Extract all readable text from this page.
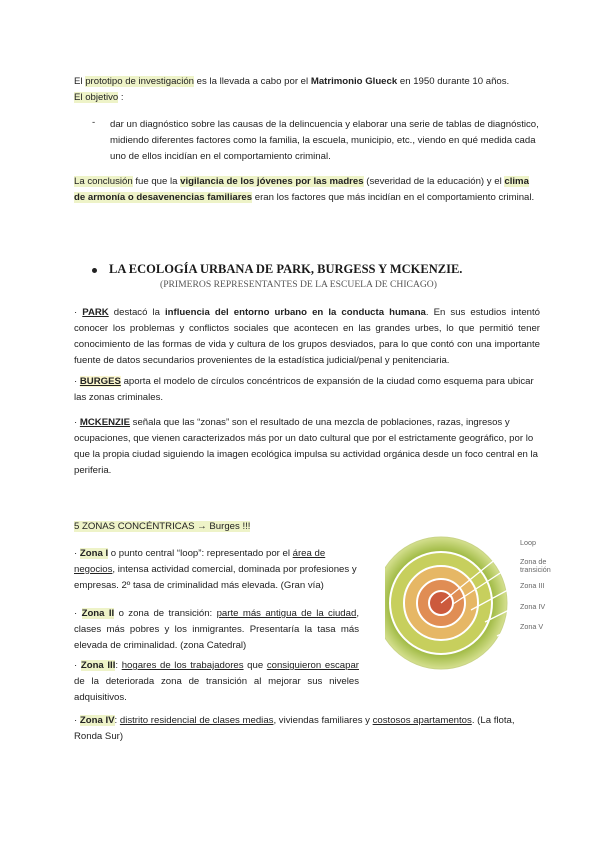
El prototipo de investigación es la llevada a cabo por el Matrimonio Glueck en 1950 durante 10 años.
El objetivo :
- dar un diagnóstico sobre las causas de la delincuencia y elaborar una serie de tablas de diagnóstico, midiendo diferentes factores como la familia, la escuela, municipio, etc., viendo en qué medida cada uno de ellos incidían en el comportamiento criminal.
La conclusión fue que la vigilancia de los jóvenes por las madres (severidad de la educación) y el clima de armonía o desavenencias familiares eran los factores que más incidían en el comportamiento criminal.
LA ECOLOGÍA URBANA DE PARK, BURGESS Y MCKENZIE.
(PRIMEROS REPRESENTANTES DE LA ESCUELA DE CHICAGO)
· PARK destacó la influencia del entorno urbano en la conducta humana. En sus estudios intentó conocer los problemas y conflictos sociales que acontecen en las grandes urbes, lo que permitió tener conocimiento de las formas de vida y cultura de los grupos desviados, para lo que contó con una importante fuente de datos secundarios provenientes de la estadística judicial/penal y penitenciaria.
· BURGES aporta el modelo de círculos concéntricos de expansión de la ciudad como esquema para ubicar las zonas criminales.
· MCKENZIE señala que las “zonas” son el resultado de una mezcla de poblaciones, razas, ingresos y ocupaciones, que vienen caracterizados más por un dato cultural que por el estrictamente geográfico, por lo que la propia ciudad siguiendo la imagen ecológica impulsa su actividad orgánica desde un foco central en la periferia.
5 ZONAS CONCÉNTRICAS → Burges !!!
· Zona I o punto central “loop”: representado por el área de negocios, intensa actividad comercial, dominada por profesiones y empresas. 2º tasa de criminalidad más elevada. (Gran vía)
· Zona II o zona de transición: parte más antigua de la ciudad, clases más pobres y los inmigrantes. Presentaría la tasa más elevada de criminalidad. (zona Catedral)
· Zona III: hogares de los trabajadores que consiguieron escapar de la deteriorada zona de transición al mejorar sus niveles adquisitivos.
· Zona IV: distrito residencial de clases medias, viviendas familiares y costosos apartamentos. (La flota, Ronda Sur)
Loop
Zona de transición
Zona III
Zona IV
Zona V
